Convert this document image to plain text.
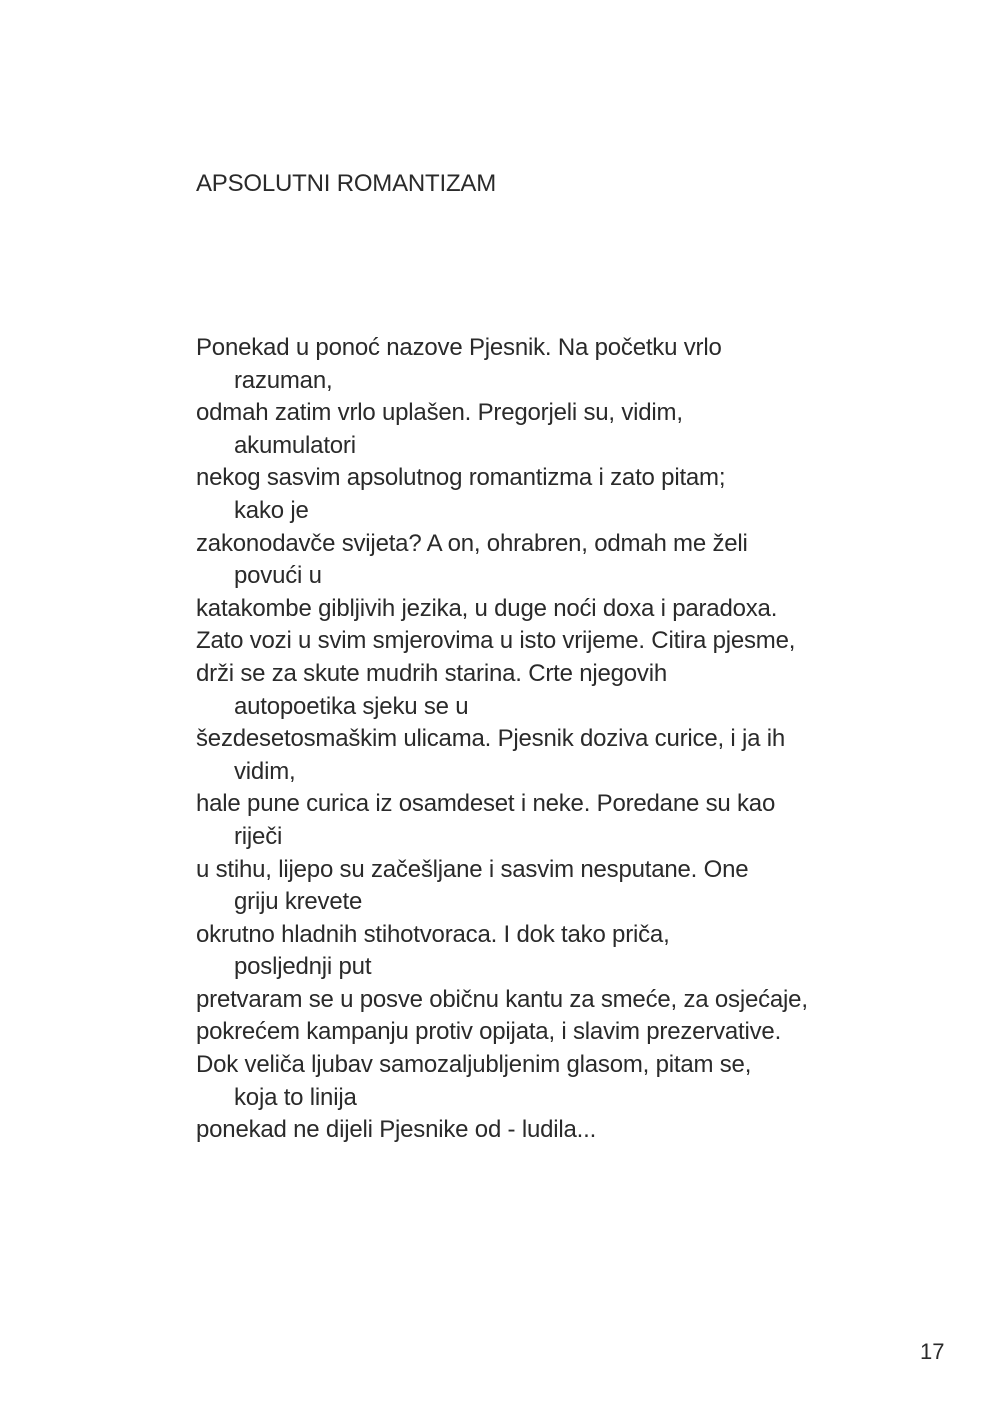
APSOLUTNI ROMANTIZAM
Ponekad u ponoć nazove Pjesnik. Na početku vrlo
razuman,
odmah zatim vrlo uplašen. Pregorjeli su, vidim,
akumulatori
nekog sasvim apsolutnog romantizma i zato pitam;
kako je
zakonodavče svijeta? A on, ohrabren, odmah me želi
povući u
katakombe gibljivih jezika, u duge noći doxa i paradoxa.
Zato vozi u svim smjerovima u isto vrijeme. Citira pjesme,
drži se za skute mudrih starina. Crte njegovih
autopoetika sjeku se u
šezdesetosmaškim ulicama. Pjesnik doziva curice, i ja ih
vidim,
hale pune curica iz osamdeset i neke. Poredane su kao
riječi
u stihu, lijepo su začešljane i sasvim nesputane. One
griju krevete
okrutno hladnih stihotvoraca. I dok tako priča,
posljednji put
pretvaram se u posve običnu kantu za smeće, za osjećaje,
pokrećem kampanju protiv opijata, i slavim prezervative.
Dok veliča ljubav samozaljubljenim glasom, pitam se,
koja to linija
ponekad ne dijeli Pjesnike od - ludila...
17
